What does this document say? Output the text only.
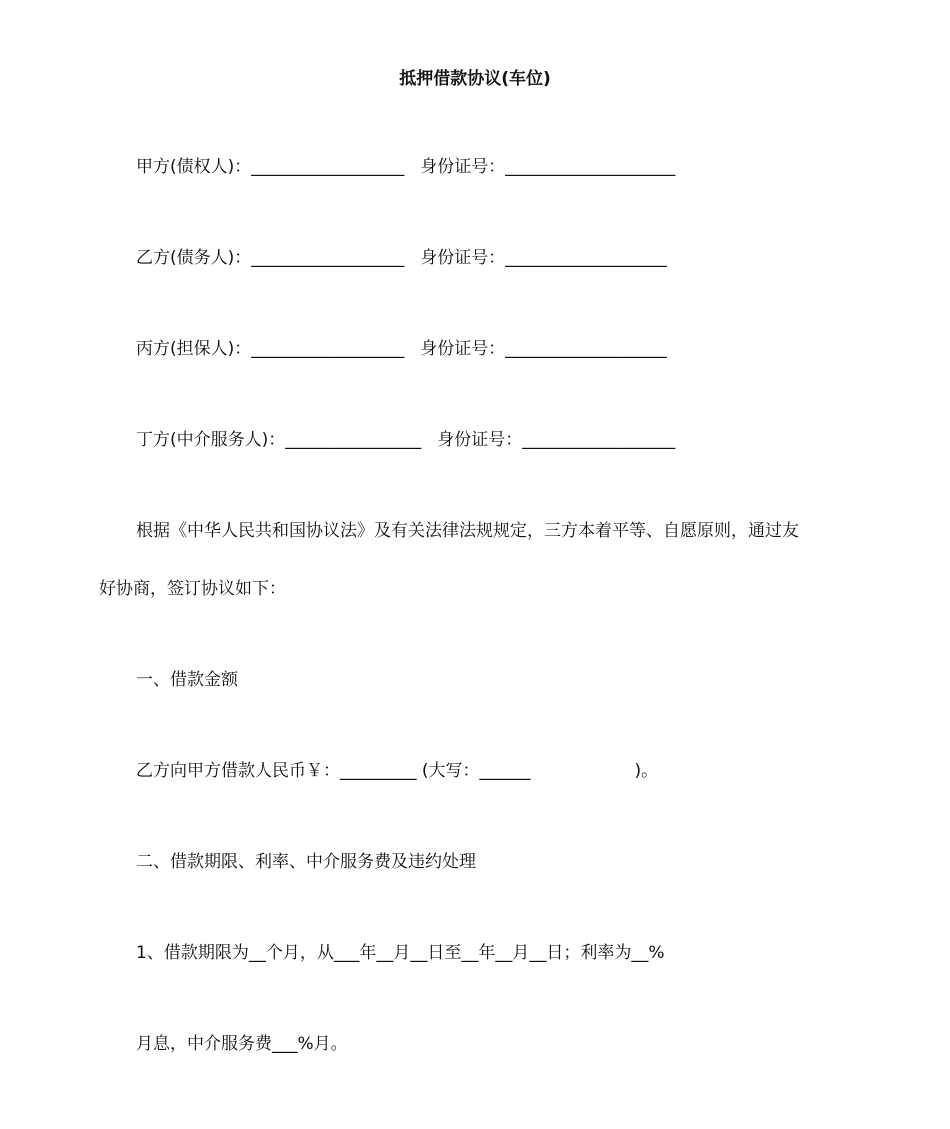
抵押借款协议(车位)
甲方(债权人)：__________________ 身份证号：____________________
乙方(债务人)：__________________ 身份证号：___________________
丙方(担保人)：__________________ 身份证号：___________________
丁方(中介服务人)：________________ 身份证号：__________________
根据《中华人民共和国协议法》及有关法律法规规定，三方本着平等、自愿原则，通过友
好协商，签订协议如下：
一、借款金额
乙方向甲方借款人民币￥：_________ (大写：______	)。
二、借款期限、利率、中介服务费及违约处理
1、借款期限为__个月，从___年__月__日至__年__月__日；利率为__%
月息，中介服务费___%月。
